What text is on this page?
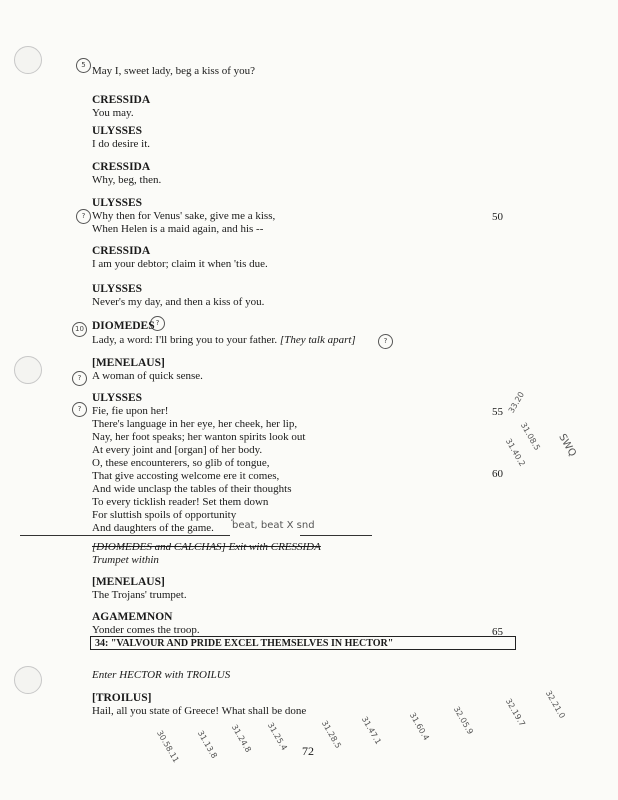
5
?
10
?
?
?
?
May I, sweet lady, beg a kiss of you?
CRESSIDA
You may.
ULYSSES
I do desire it.
CRESSIDA
Why, beg, then.
ULYSSES
Why then for Venus' sake, give me a kiss,
When Helen is a maid again, and his --
50
CRESSIDA
I am your debtor; claim it when 'tis due.
ULYSSES
Never's my day, and then a kiss of you.
DIOMEDES
Lady, a word: I'll bring you to your father. [They talk apart]
[MENELAUS]
A woman of quick sense.
ULYSSES
Fie, fie upon her!
There's language in her eye, her cheek, her lip,
Nay, her foot speaks; her wanton spirits look out
At every joint and [organ] of her body.
O, these encounterers, so glib of tongue,
That give accosting welcome ere it comes,
And wide unclasp the tables of their thoughts
To every ticklish reader! Set them down
For sluttish spoils of opportunity
And daughters of the game.
55
60
beat, beat X snd
[DIOMEDES and CALCHAS] Exit with CRESSIDA
Trumpet within
[MENELAUS]
The Trojans' trumpet.
AGAMEMNON
Yonder comes the troop.	65
34: "VALVOUR AND PRIDE EXCEL THEMSELVES IN HECTOR"
Enter HECTOR with TROILUS
[TROILUS]
Hail, all you state of Greece! What shall be done
33.20
31.08.5
31.40.2	SWQ
30.58.11 31.13.8 31.24.8 31.25.4	31.28.5 31.47.1	31.60.4	32.05.9	32.19.7 32.21.0
72
